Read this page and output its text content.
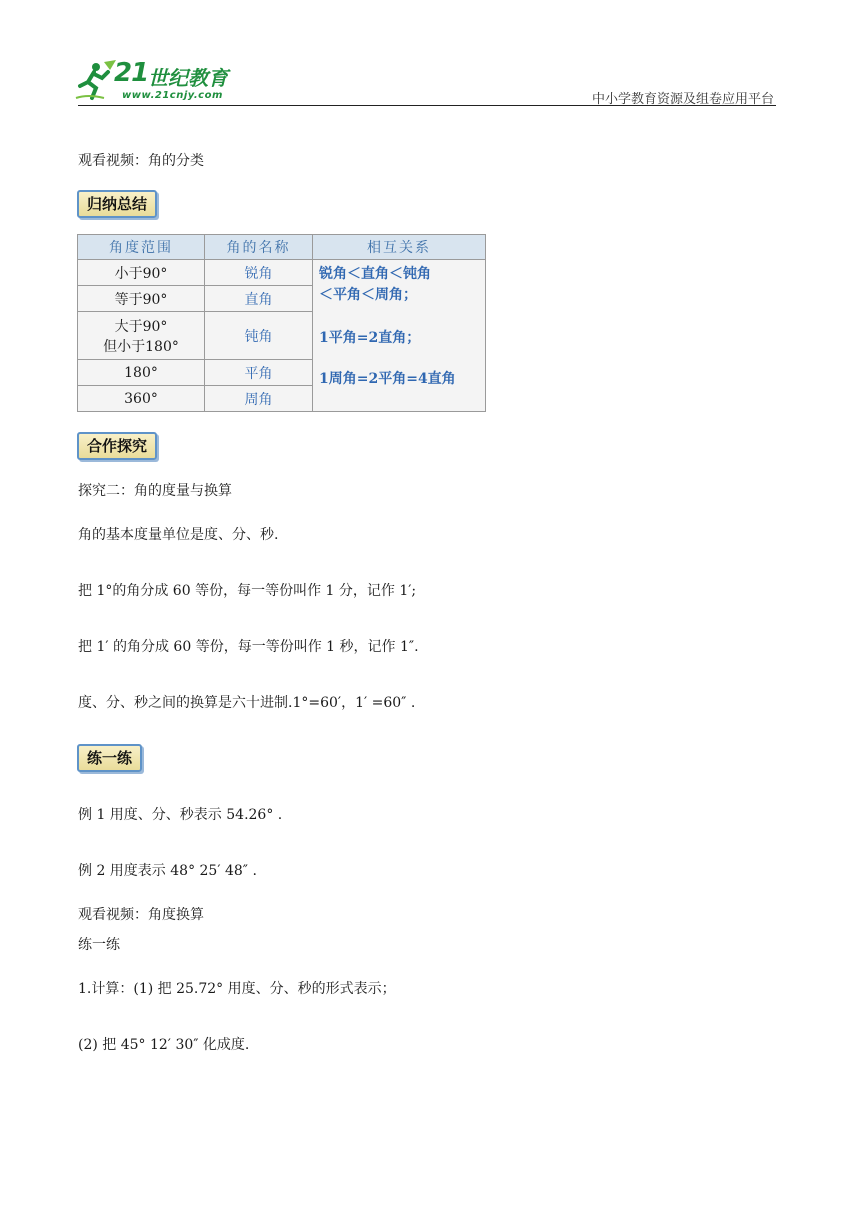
21 世纪教育
www.21cnjy.com	中小学教育资源及组卷应用平台
观看视频：角的分类
归纳总结
角度范围	角的名称	相互关系
小于90°	锐角	锐角＜直角＜钝角
＜平角＜周角；
1平角=2直角；
1周角=2平角=4直角

等于90°	直角	

大于90°
但小于180°	钝角	
180°	平角	
360°	周角	
合作探究
探究二：角的度量与换算
角的基本度量单位是度、分、秒.
把 1°的角分成 60 等份，每一等份叫作 1 分，记作 1′;
把 1′ 的角分成 60 等份，每一等份叫作 1 秒，记作 1″.
度、分、秒之间的换算是六十进制.1°=60′，1′ =60″ .
练一练
例 1 用度、分、秒表示 54.26° .
例 2 用度表示 48° 25′ 48″ .
观看视频：角度换算
练一练
1.计算：(1) 把 25.72° 用度、分、秒的形式表示；
(2) 把 45° 12′ 30″ 化成度.
